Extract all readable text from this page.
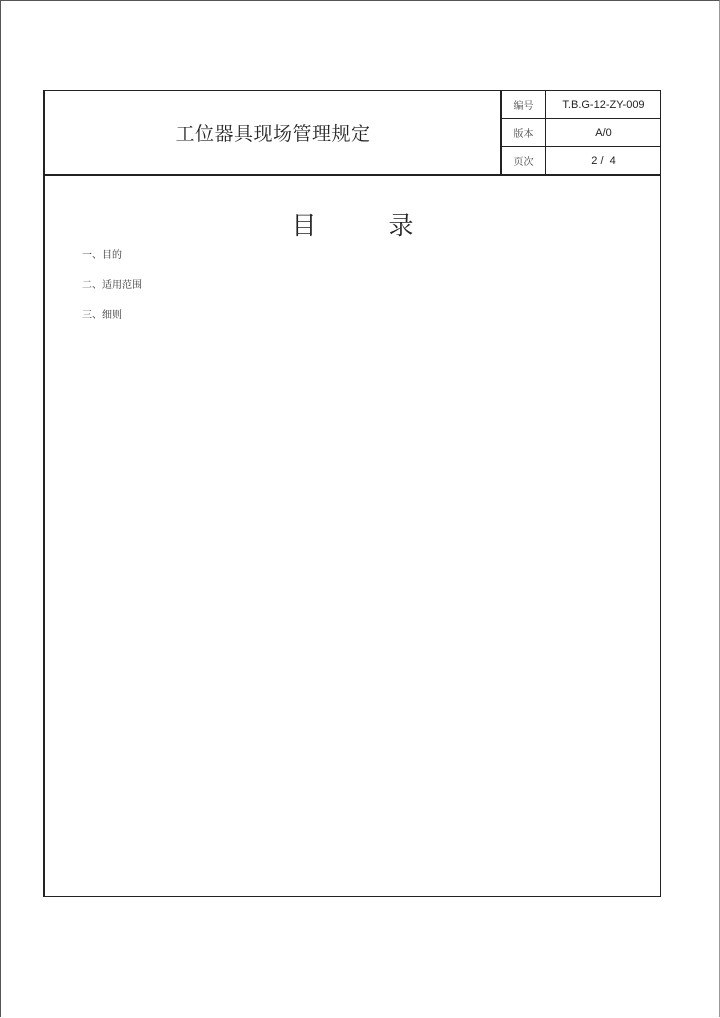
工位器具现场管理规定
编号	T.B.G-12-ZY-009
版本	A/0
页次	2 /  4
目录
一、目的
二、适用范围
三、细则
